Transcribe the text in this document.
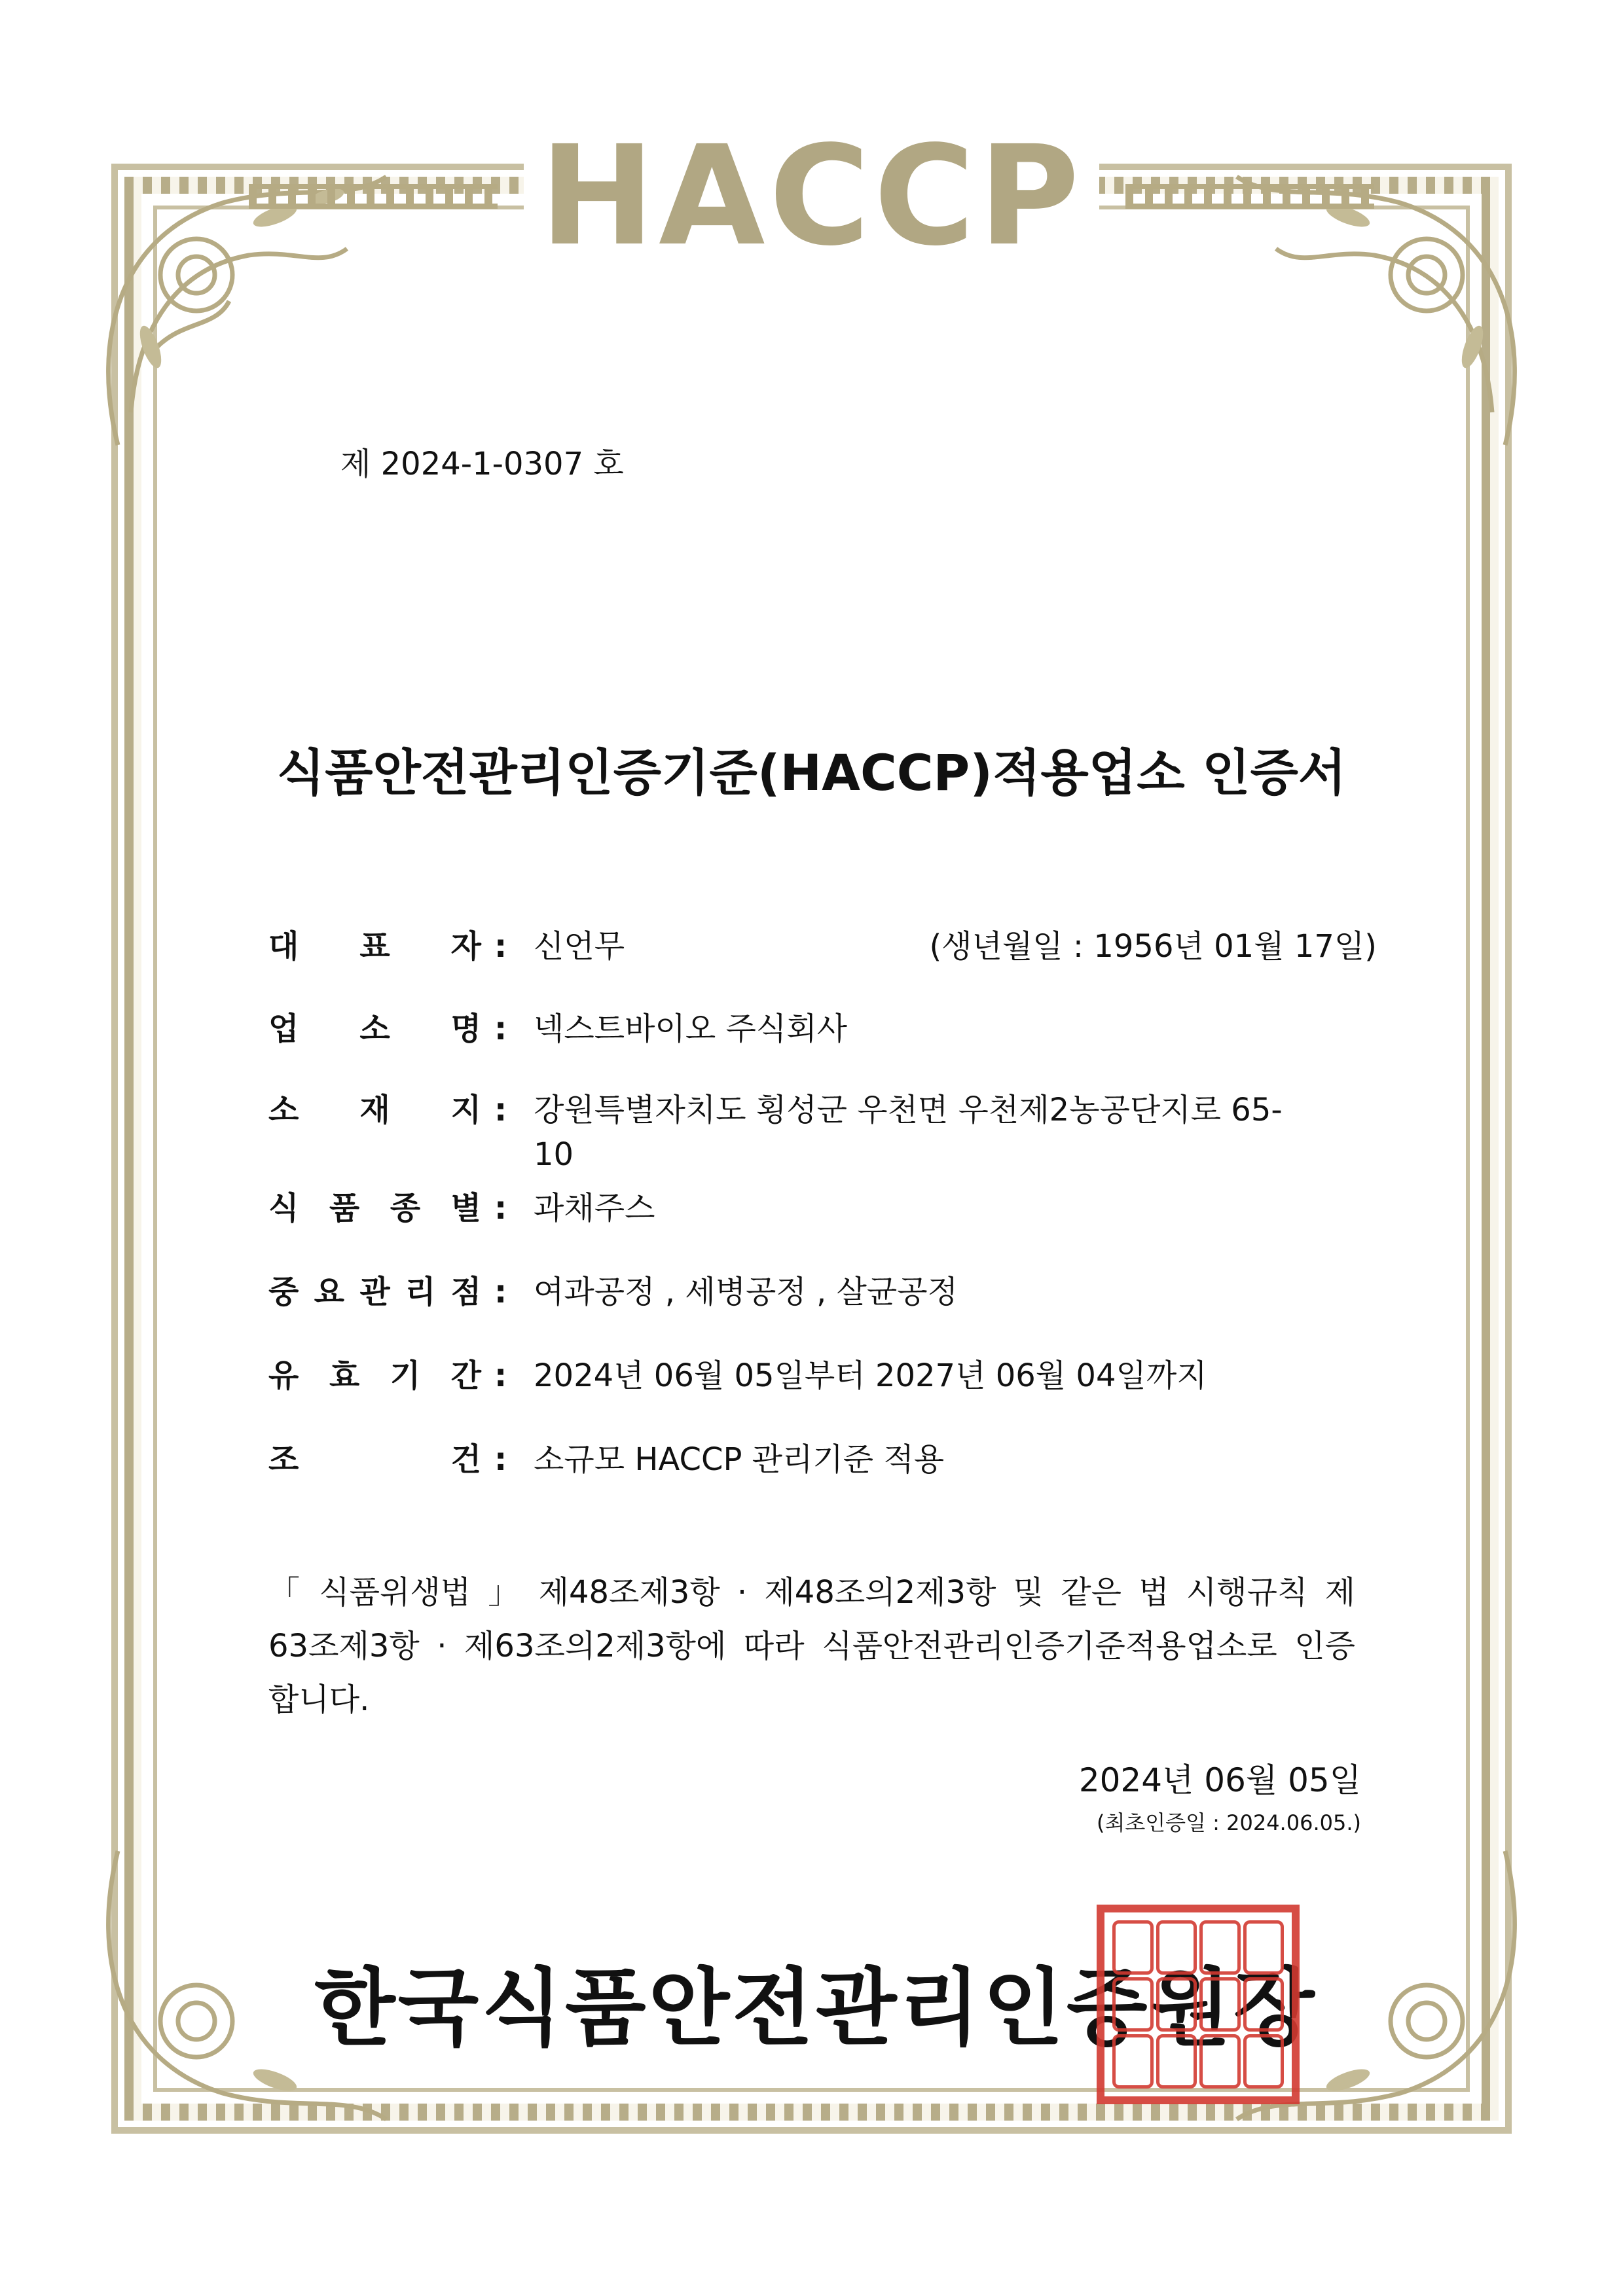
HACCP
제 2024-1-0307 호
식품안전관리인증기준(HACCP)적용업소 인증서
대 표 자 : 신언무	(생년월일 : 1956년 01월 17일)
업 소 명 : 넥스트바이오 주식회사
소 재 지 : 강원특별자치도 횡성군 우천면 우천제2농공단지로 65-
10
식 품 종 별 : 과채주스
중 요 관 리 점 : 여과공정 , 세병공정 , 살균공정
유 효 기 간 : 2024년 06월 05일부터 2027년 06월 04일까지
조	건 : 소규모 HACCP 관리기준 적용
「 식품위생법 」 제48조제3항 · 제48조의2제3항 및 같은 법 시행규칙 제63조제3항 · 제63조의2제3항에 따라 식품안전관리인증기준적용업소로 인증합니다.
2024년 06월 05일
(최초인증일 : 2024.06.05.)
한국식품안전관리인증원장
